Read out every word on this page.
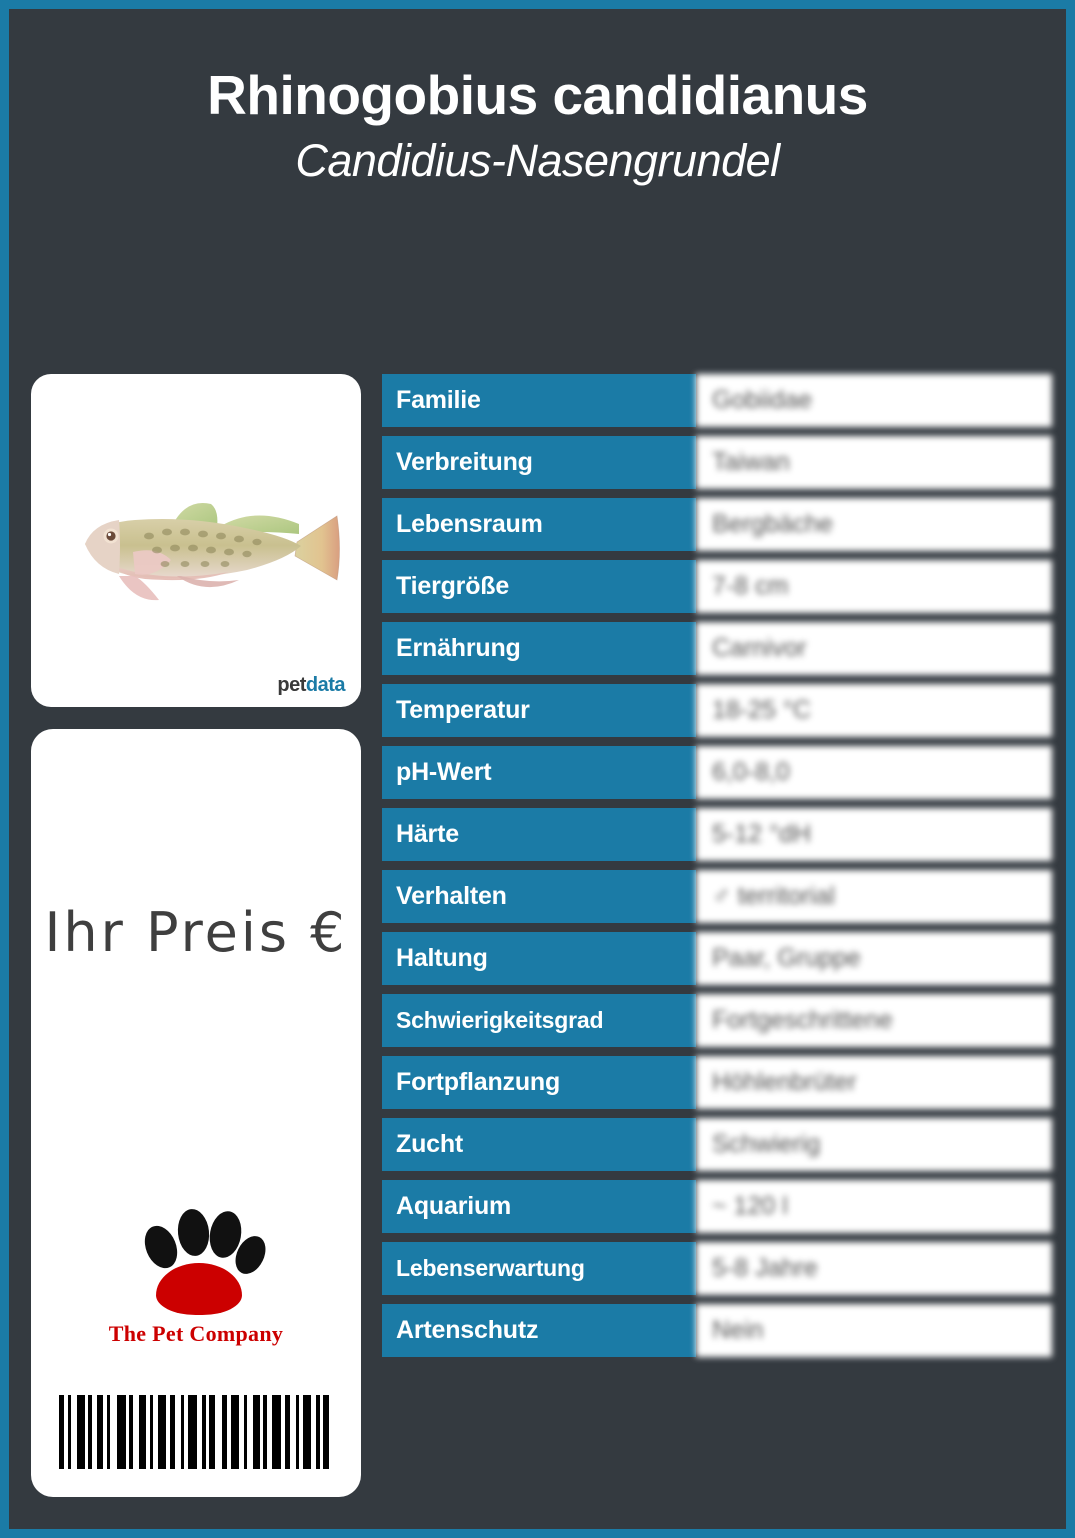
Rhinogobius candidianus
Candidius-Nasengrundel
petdata
Ihr Preis €
The Pet Company
Familie	Gobiidae
Verbreitung	Taiwan
Lebensraum	Bergbäche
Tiergröße	7-8 cm
Ernährung	Carnivor
Temperatur	18-25 °C
pH-Wert	6,0-8,0
Härte	5-12 °dH
Verhalten	♂ territorial
Haltung	Paar, Gruppe
Schwierigkeitsgrad	Fortgeschrittene
Fortpflanzung	Höhlenbrüter
Zucht	Schwierig
Aquarium	~ 120 l
Lebenserwartung	5-8 Jahre
Artenschutz	Nein
